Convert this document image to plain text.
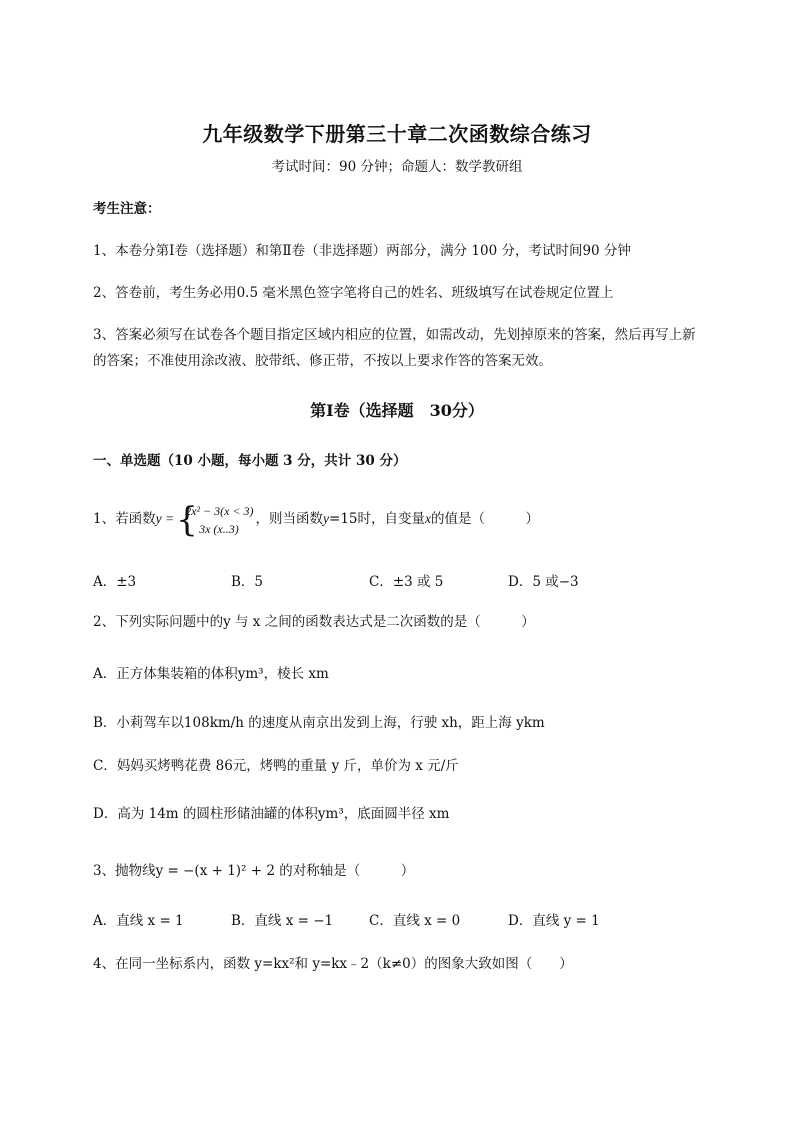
九年级数学下册第三十章二次函数综合练习
考试时间：90 分钟；命题人：数学教研组
考生注意：
1、本卷分第Ⅰ卷（选择题）和第Ⅱ卷（非选择题）两部分，满分 100 分，考试时间90 分钟
2、答卷前，考生务必用0.5 毫米黑色签字笔将自己的姓名、班级填写在试卷规定位置上
3、答案必须写在试卷各个题目指定区域内相应的位置，如需改动，先划掉原来的答案，然后再写上新
的答案；不准使用涂改液、胶带纸、修正带，不按以上要求作答的答案无效。
第Ⅰ卷（选择题　30分）
一、单选题（10 小题，每小题 3 分，共计 30 分）
1、若函数y = {
2x² − 3(x < 3)
3x (x..3)
，则当函数y=15时，自变量x的值是（　　　）
A．±3	B．5	C．±3 或 5	D．5 或−3
2、下列实际问题中的y 与 x 之间的函数表达式是二次函数的是（　　　）
A．正方体集装箱的体积ym³，棱长 xm
B．小莉驾车以108km/h 的速度从南京出发到上海，行驶 xh，距上海 ykm
C．妈妈买烤鸭花费 86元，烤鸭的重量 y 斤，单价为 x 元/斤
D．高为 14m 的圆柱形储油罐的体积ym³，底面圆半径 xm
3、抛物线y = −(x + 1)² + 2 的对称轴是（　　　）
A．直线 x = 1	B．直线 x = −1	C．直线 x = 0	D．直线 y = 1
4、在同一坐标系内，函数 y=kx²和 y=kx﹣2（k≠0）的图象大致如图（　　）
